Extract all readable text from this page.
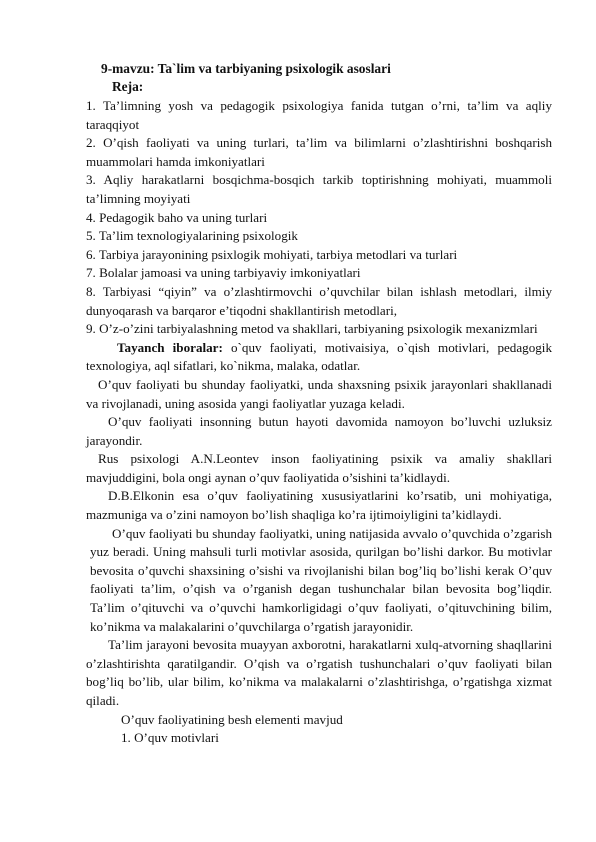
9-mavzu: Ta`lim va tarbiyaning psixologik asoslari
Reja:

1. Ta’limning yosh va pedagogik psixologiya fanida tutgan o’rni, ta’lim va aqliy taraqqiyot

2. O’qish faoliyati va uning turlari, ta’lim va bilimlarni o’zlashtirishni boshqarish muammolari hamda imkoniyatlari

3. Aqliy harakatlarni bosqichma-bosqich tarkib toptirishning mohiyati, muammoli ta’limning moyiyati

4. Pedagogik baho va uning turlari

5. Ta’lim texnologiyalarining psixologik

6. Tarbiya jarayonining psixlogik mohiyati, tarbiya metodlari va turlari

7. Bolalar jamoasi va uning tarbiyaviy imkoniyatlari

8. Tarbiyasi “qiyin” va o’zlashtirmovchi o’quvchilar bilan ishlash metodlari, ilmiy dunyoqarash va barqaror e’tiqodni shakllantirish metodlari,

9. O’z-o’zini tarbiyalashning metod va shakllari, tarbiyaning psixologik mexanizmlari

Tayanch iboralar: o`quv faoliyati, motivaisiya, o`qish motivlari, pedagogik texnologiya, aql sifatlari, ko`nikma, malaka, odatlar.

O’quv faoliyati bu shunday faoliyatki, unda shaxsning psixik jarayonlari shakllanadi va rivojlanadi, uning asosida yangi faoliyatlar yuzaga keladi.

O’quv faoliyati insonning butun hayoti davomida namoyon bo’luvchi uzluksiz jarayondir.

Rus psixologi A.N.Leontev inson faoliyatining psixik va amaliy shakllari mavjuddigini, bola ongi aynan o’quv faoliyatida o’sishini ta’kidlaydi.

D.B.Elkonin esa o’quv faoliyatining xususiyatlarini ko’rsatib, uni mohiyatiga, mazmuniga va o’zini namoyon bo’lish shaqliga ko’ra ijtimoiyligini ta’kidlaydi.

O’quv faoliyati bu shunday faoliyatki, uning natijasida avvalo o’quvchida o’zgarish yuz beradi. Uning mahsuli turli motivlar asosida, qurilgan bo’lishi darkor. Bu motivlar bevosita o’quvchi shaxsining o’sishi va rivojlanishi bilan bog’liq bo’lishi kerak O’quv faoliyati ta’lim, o’qish va o’rganish degan tushunchalar bilan bevosita bog’liqdir. Ta’lim o’qituvchi va o’quvchi hamkorligidagi o’quv faoliyati, o’qituvchining bilim, ko’nikma va malakalarini o’quvchilarga o’rgatish jarayonidir.

Ta’lim jarayoni bevosita muayyan axborotni, harakatlarni xulq-atvorning shaqllarini o’zlashtirishta qaratilgandir. O’qish va o’rgatish tushunchalari o’quv faoliyati bilan bog’liq bo’lib, ular bilim, ko’nikma va malakalarni o’zlashtirishga, o’rgatishga xizmat qiladi.

O’quv faoliyatining besh elementi mavjud

1. O’quv motivlari
